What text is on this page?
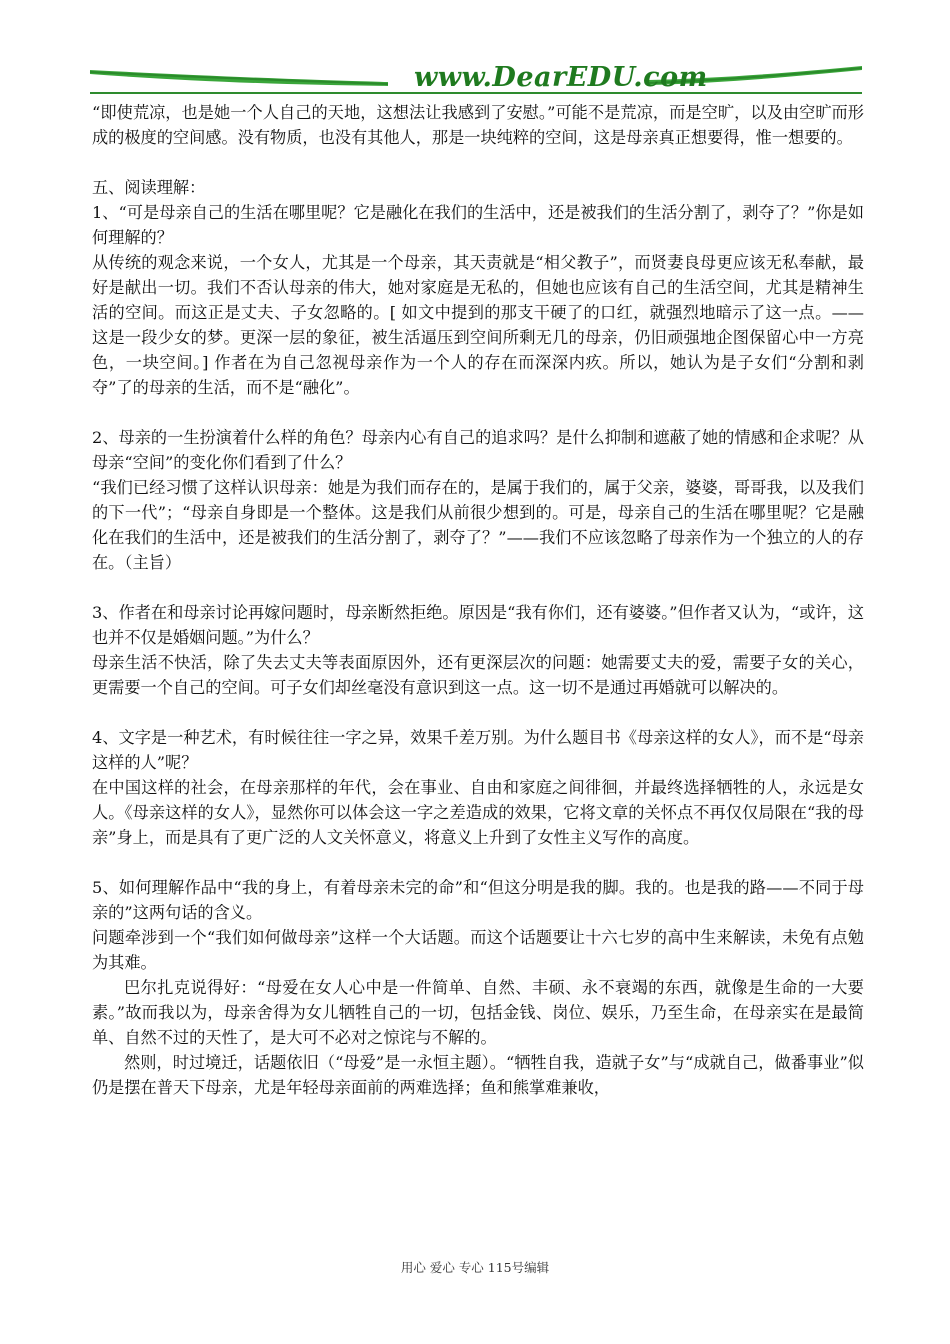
www.DearEDU.com

“即使荒凉，也是她一个人自己的天地，这想法让我感到了安慰。”可能不是荒凉，而是空旷，以及由空旷而形成的极度的空间感。没有物质，也没有其他人，那是一块纯粹的空间，这是母亲真正想要得，惟一想要的。

五、阅读理解：

1、“可是母亲自己的生活在哪里呢？它是融化在我们的生活中，还是被我们的生活分割了，剥夺了？”你是如何理解的？

从传统的观念来说，一个女人，尤其是一个母亲，其天责就是“相父教子”，而贤妻良母更应该无私奉献，最好是献出一切。我们不否认母亲的伟大，她对家庭是无私的，但她也应该有自己的生活空间，尤其是精神生活的空间。而这正是丈夫、子女忽略的。[ 如文中提到的那支干硬了的口红，就强烈地暗示了这一点。——这是一段少女的梦。更深一层的象征，被生活逼压到空间所剩无几的母亲，仍旧顽强地企图保留心中一方亮色，一块空间。] 作者在为自己忽视母亲作为一个人的存在而深深内疚。所以，她认为是子女们“分割和剥夺”了的母亲的生活，而不是“融化”。

2、母亲的一生扮演着什么样的角色？母亲内心有自己的追求吗？是什么抑制和遮蔽了她的情感和企求呢？从母亲“空间”的变化你们看到了什么？

“我们已经习惯了这样认识母亲：她是为我们而存在的，是属于我们的，属于父亲，婆婆，哥哥我，以及我们的下一代”；“母亲自身即是一个整体。这是我们从前很少想到的。可是，母亲自己的生活在哪里呢？它是融化在我们的生活中，还是被我们的生活分割了，剥夺了？”——我们不应该忽略了母亲作为一个独立的人的存在。（主旨）

3、作者在和母亲讨论再嫁问题时，母亲断然拒绝。原因是“我有你们，还有婆婆。”但作者又认为，“或许，这也并不仅是婚姻问题。”为什么？

母亲生活不快活，除了失去丈夫等表面原因外，还有更深层次的问题：她需要丈夫的爱，需要子女的关心，更需要一个自己的空间。可子女们却丝毫没有意识到这一点。这一切不是通过再婚就可以解决的。

4、文字是一种艺术，有时候往往一字之异，效果千差万别。为什么题目书《母亲这样的女人》，而不是“母亲这样的人”呢？

在中国这样的社会，在母亲那样的年代，会在事业、自由和家庭之间徘徊，并最终选择牺牲的人，永远是女人。《母亲这样的女人》，显然你可以体会这一字之差造成的效果，它将文章的关怀点不再仅仅局限在“我的母亲”身上，而是具有了更广泛的人文关怀意义，将意义上升到了女性主义写作的高度。

5、如何理解作品中“我的身上，有着母亲未完的命”和“但这分明是我的脚。我的。也是我的路——不同于母亲的”这两句话的含义。

问题牵涉到一个“我们如何做母亲”这样一个大话题。而这个话题要让十六七岁的高中生来解读，未免有点勉为其难。

巴尔扎克说得好：“母爱在女人心中是一件简单、自然、丰硕、永不衰竭的东西，就像是生命的一大要素。”故而我以为，母亲舍得为女儿牺牲自己的一切，包括金钱、岗位、娱乐，乃至生命，在母亲实在是最简单、自然不过的天性了，是大可不必对之惊诧与不解的。

然则，时过境迁，话题依旧（“母爱”是一永恒主题）。“牺牲自我，造就子女”与“成就自己，做番事业”似仍是摆在普天下母亲，尤是年轻母亲面前的两难选择；鱼和熊掌难兼收，

用心 爱心 专心 115号编辑
